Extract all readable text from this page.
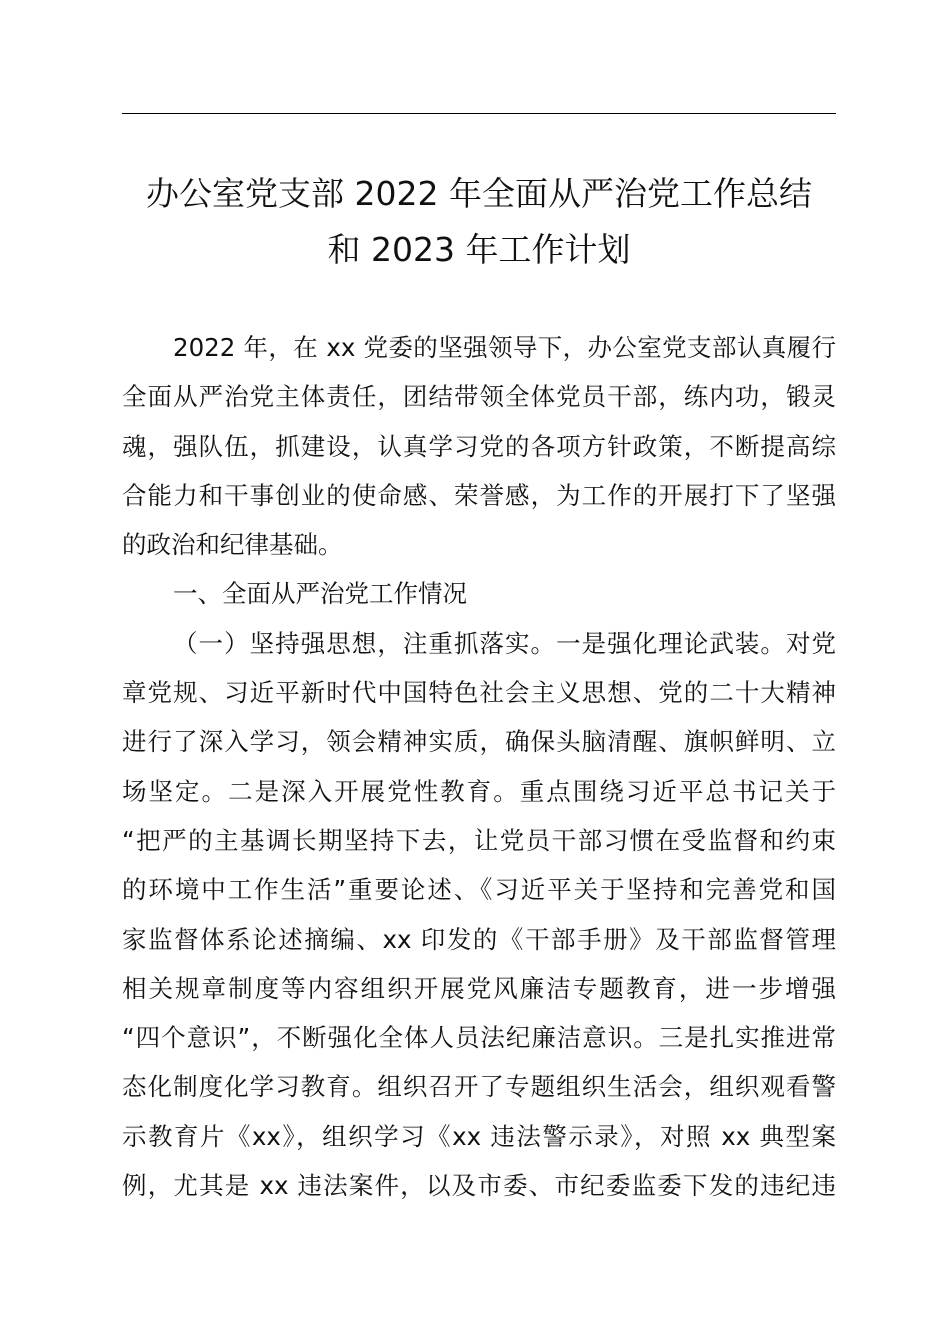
办公室党支部 2022 年全面从严治党工作总结
和 2023 年工作计划
2022 年，在 xx 党委的坚强领导下，办公室党支部认真履行
全面从严治党主体责任，团结带领全体党员干部，练内功，锻灵
魂，强队伍，抓建设，认真学习党的各项方针政策，不断提高综
合能力和干事创业的使命感、荣誉感，为工作的开展打下了坚强
的政治和纪律基础。
一、全面从严治党工作情况
（一）坚持强思想，注重抓落实。一是强化理论武装。对党
章党规、习近平新时代中国特色社会主义思想、党的二十大精神
进行了深入学习，领会精神实质，确保头脑清醒、旗帜鲜明、立
场坚定。二是深入开展党性教育。重点围绕习近平总书记关于
“把严的主基调长期坚持下去，让党员干部习惯在受监督和约束
的环境中工作生活”重要论述、《习近平关于坚持和完善党和国
家监督体系论述摘编、xx 印发的《干部手册》及干部监督管理
相关规章制度等内容组织开展党风廉洁专题教育，进一步增强
“四个意识”，不断强化全体人员法纪廉洁意识。三是扎实推进常
态化制度化学习教育。组织召开了专题组织生活会，组织观看警
示教育片《xx》，组织学习《xx 违法警示录》，对照 xx 典型案
例，尤其是 xx 违法案件，以及市委、市纪委监委下发的违纪违
